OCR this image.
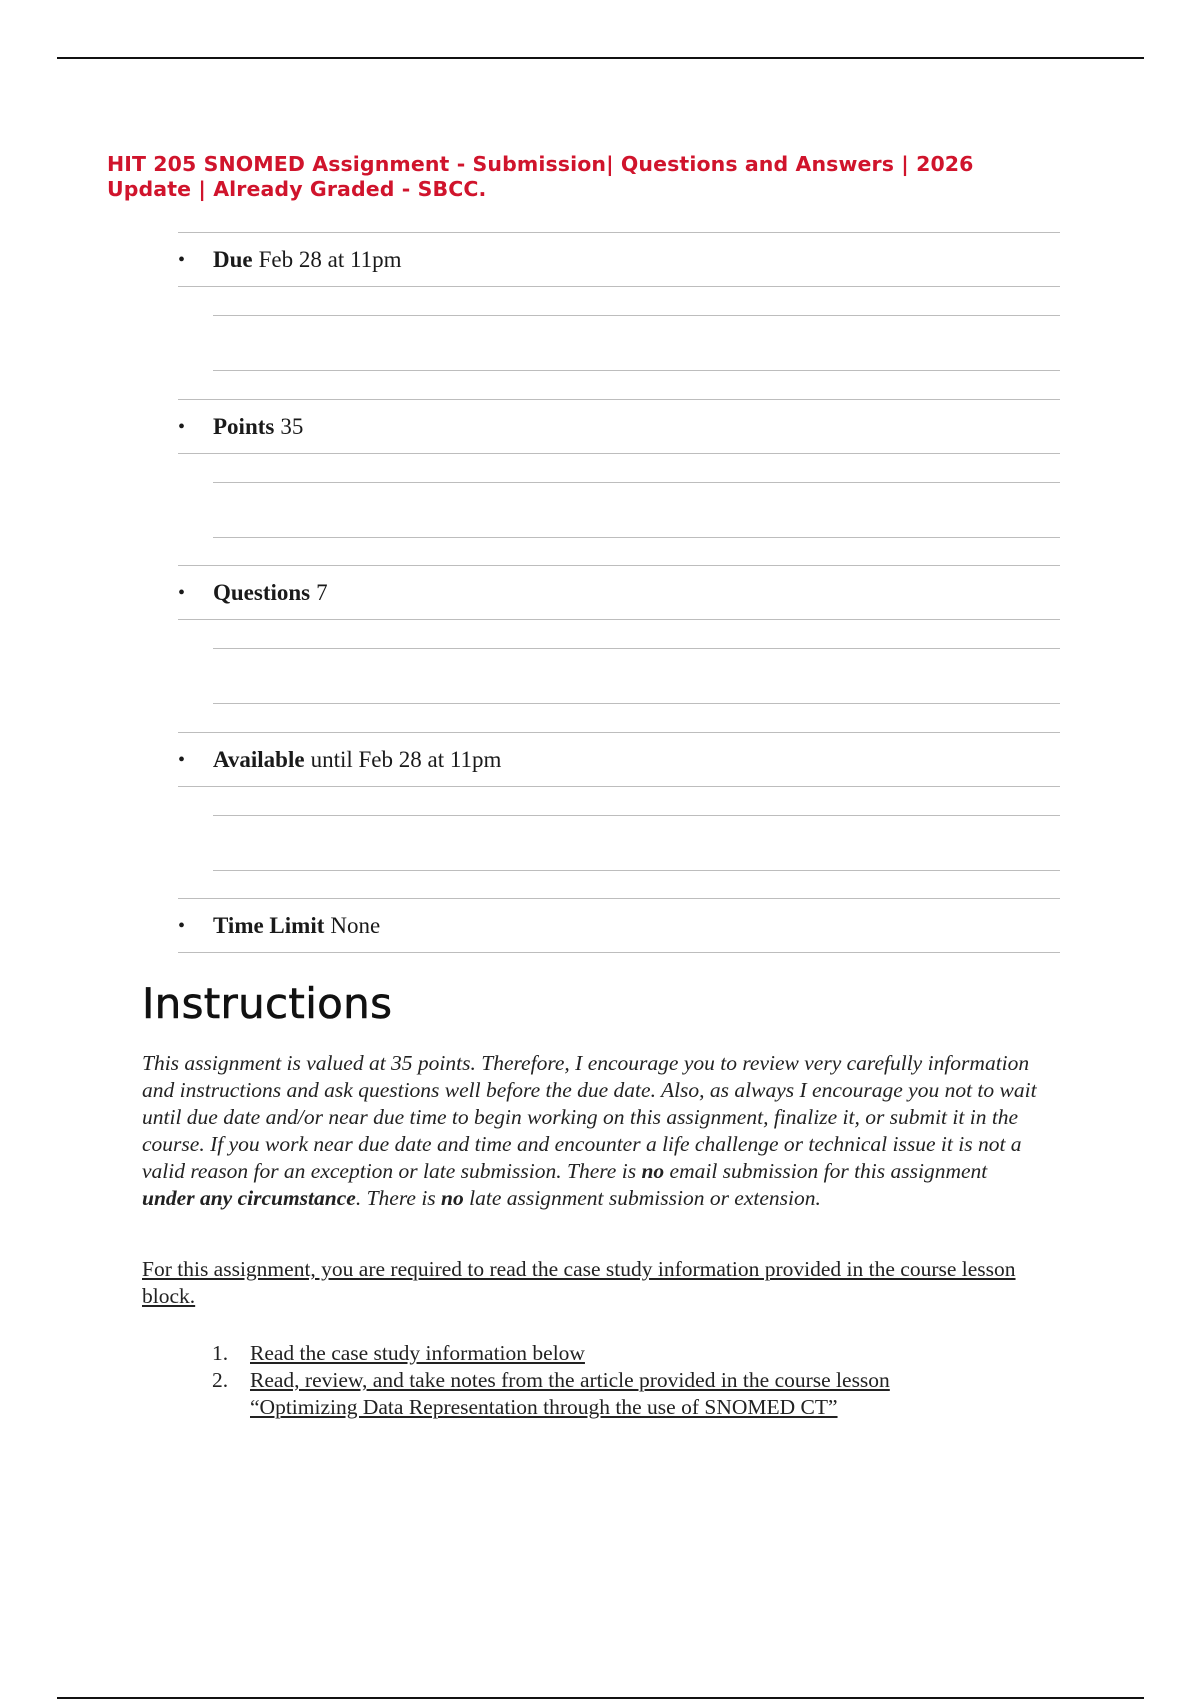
HIT 205 SNOMED Assignment - Submission| Questions and Answers | 2026
Update | Already Graded - SBCC.
•	Due Feb 28 at 11pm
•	Points 35
•	Questions 7
•	Available until Feb 28 at 11pm
•	Time Limit None
Instructions
This assignment is valued at 35 points. Therefore, I encourage you to review very carefully information and instructions and ask questions well before the due date. Also, as always I encourage you not to wait until due date and/or near due time to begin working on this assignment, finalize it, or submit it in the course. If you work near due date and time and encounter a life challenge or technical issue it is not a valid reason for an exception or late submission. There is no email submission for this assignment under any circumstance. There is no late assignment submission or extension.
For this assignment, you are required to read the case study information provided in the course lesson block.
1. Read the case study information below
2. Read, review, and take notes from the article provided in the course lesson “Optimizing Data Representation through the use of SNOMED CT”
